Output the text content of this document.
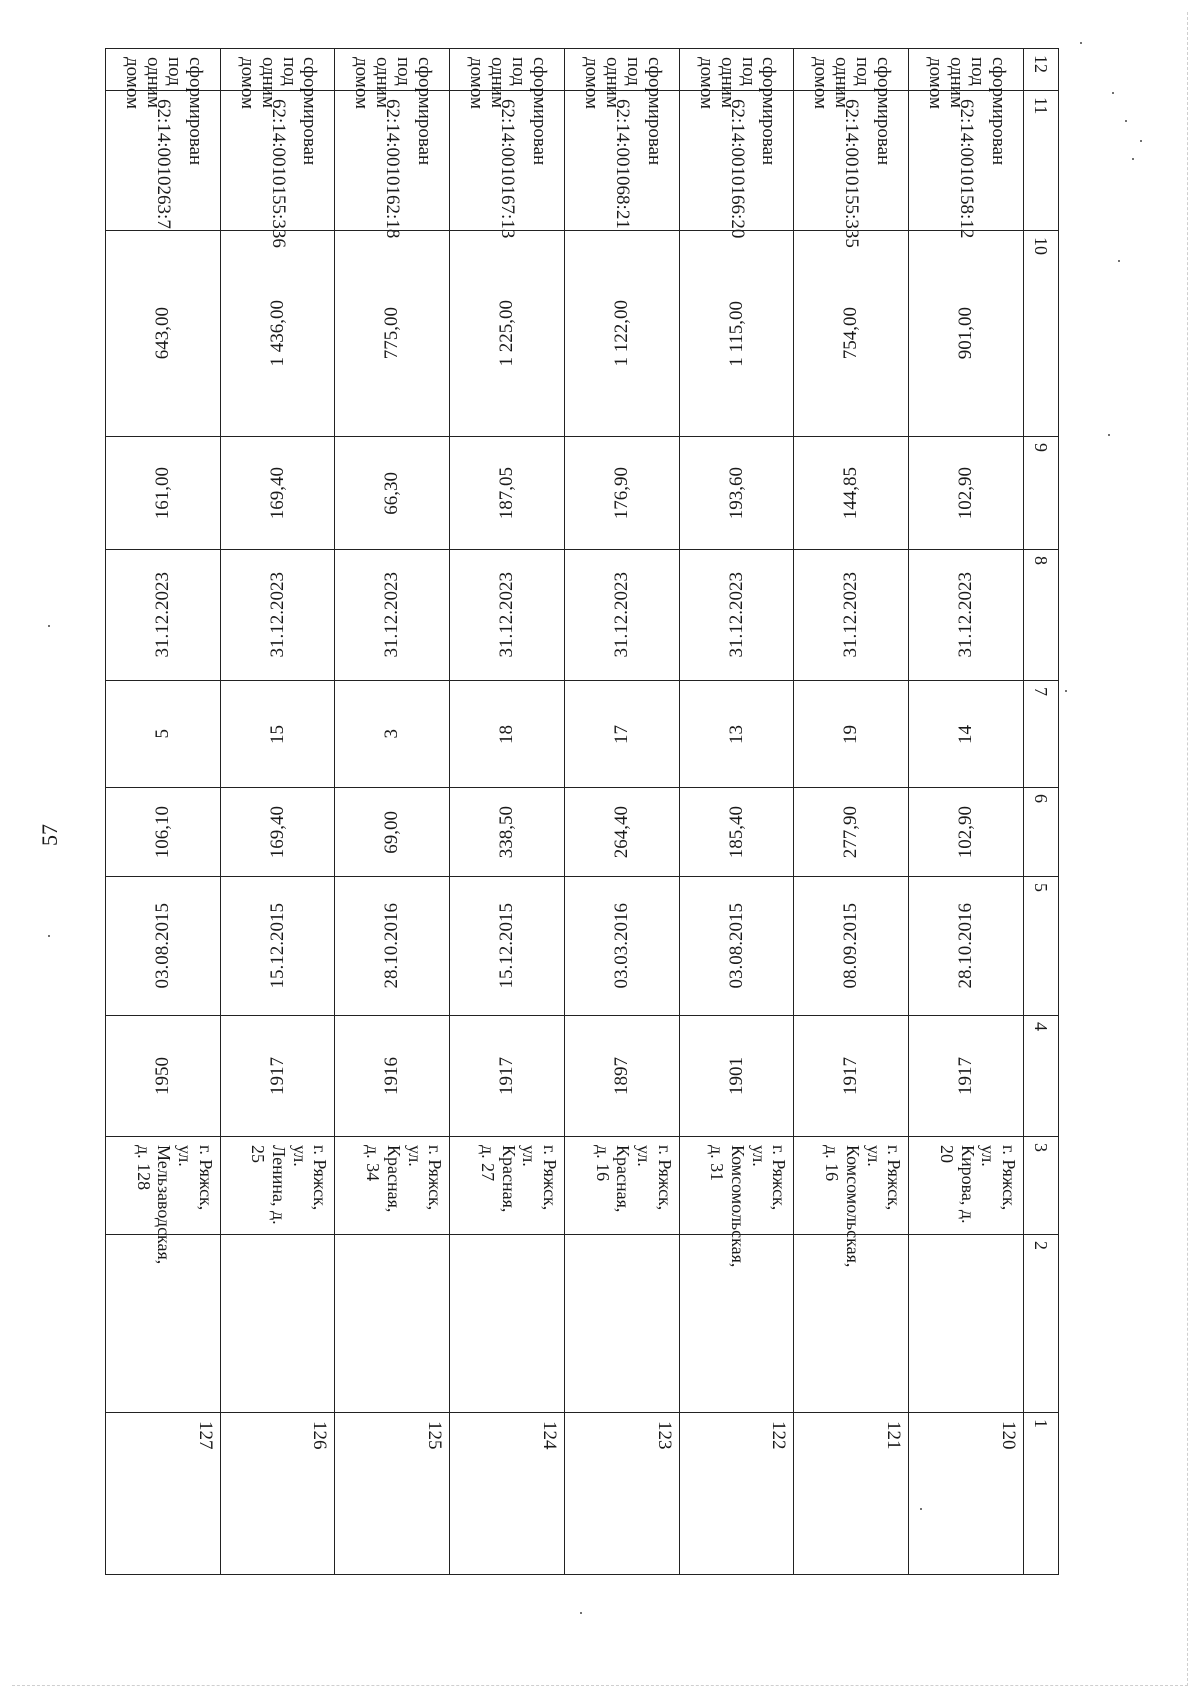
57
12	11	10	9	8	7	6	5	4	3	2	1
сформирован под одним домом	62:14:0010158:12	901,00	102,90	31.12.2023	14	102,90	28.10.2016	1917	г. Ряжск, ул. Кирова, д. 20		120
сформирован под одним домом	62:14:0010155:335	754,00	144,85	31.12.2023	19	277,90	08.09.2015	1917	г. Ряжск, ул. Комсомольская, д. 16		121
сформирован под одним домом	62:14:0010166:20	1 115,00	193,60	31.12.2023	13	185,40	03.08.2015	1901	г. Ряжск, ул. Комсомольская, д. 31		122
сформирован под одним домом	62:14:001068:21	1 122,00	176,90	31.12.2023	17	264,40	03.03.2016	1897	г. Ряжск, ул. Красная, д. 16		123
сформирован под одним домом	62:14:0010167:13	1 225,00	187,05	31.12.2023	18	338,50	15.12.2015	1917	г. Ряжск, ул. Красная, д. 27		124
сформирован под одним домом	62:14:0010162:18	775,00	66,30	31.12.2023	3	69,00	28.10.2016	1916	г. Ряжск, ул. Красная, д. 34		125
сформирован под одним домом	62:14:0010155:336	1 436,00	169,40	31.12.2023	15	169,40	15.12.2015	1917	г. Ряжск, ул. Ленина, д. 25		126
сформирован под одним домом	62:14:0010263:7	643,00	161,00	31.12.2023	5	106,10	03.08.2015	1950	г. Ряжск, ул. Мельзаводская, д. 128		127
